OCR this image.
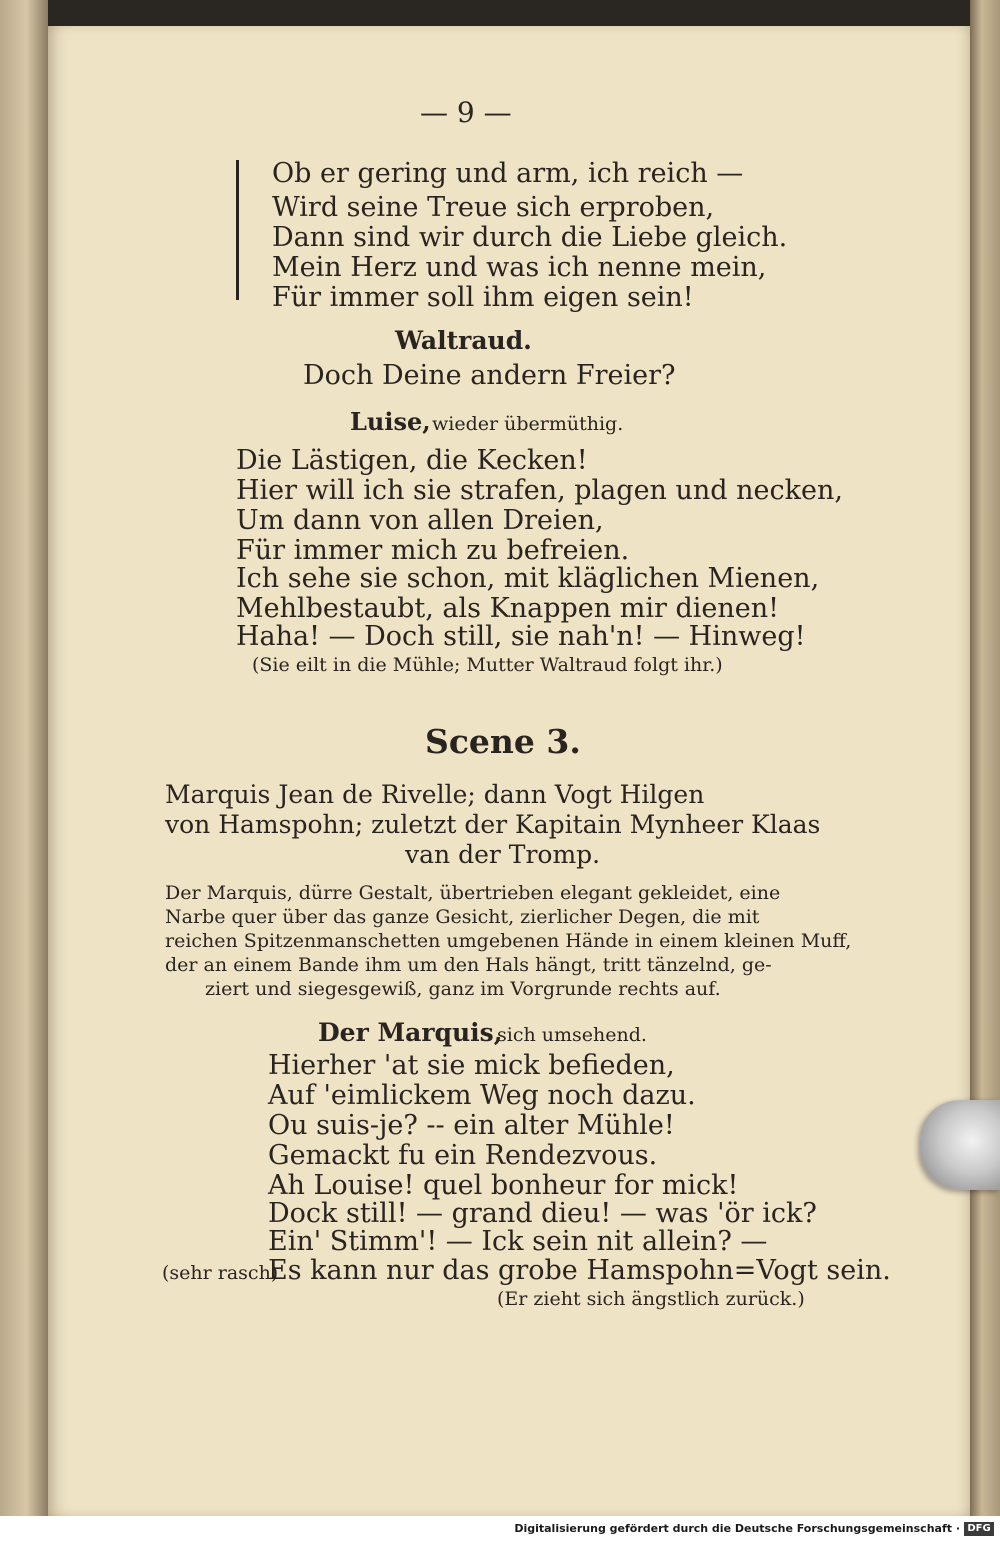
— 9 —
Ob er gering und arm, ich reich —
Wird seine Treue sich erproben,
Dann sind wir durch die Liebe gleich.
Mein Herz und was ich nenne mein,
Für immer soll ihm eigen sein!
Waltraud.
Doch Deine andern Freier?
Luise, wieder übermüthig.
Die Lästigen, die Kecken!
Hier will ich sie strafen, plagen und necken,
Um dann von allen Dreien,
Für immer mich zu befreien.
Ich sehe sie schon, mit kläglichen Mienen,
Mehlbestaubt, als Knappen mir dienen!
Haha! — Doch still, sie nah'n! — Hinweg!
(Sie eilt in die Mühle; Mutter Waltraud folgt ihr.)
Scene 3.
Marquis Jean de Rivelle; dann Vogt Hilgen
von Hamspohn; zuletzt der Kapitain Mynheer Klaas
van der Tromp.
Der Marquis, dürre Gestalt, übertrieben elegant gekleidet, eine
Narbe quer über das ganze Gesicht, zierlicher Degen, die mit
reichen Spitzenmanschetten umgebenen Hände in einem kleinen Muff,
der an einem Bande ihm um den Hals hängt, tritt tänzelnd, ge-
ziert und siegesgewiß, ganz im Vorgrunde rechts auf.
Der Marquis,
sich umsehend.
Hierher 'at sie mick befieden,
Auf 'eimlickem Weg noch dazu.
Ou suis-je? -- ein alter Mühle!
Gemackt fu ein Rendezvous.
Ah Louise! quel bonheur for mick!
Dock still! — grand dieu! — was 'ör ick?
Ein' Stimm'! — Ick sein nit allein? —
(sehr rasch)
Es kann nur das grobe Hamspohn=Vogt sein.
(Er zieht sich ängstlich zurück.)
Digitalisierung gefördert durch die Deutsche Forschungsgemeinschaft · DFG
